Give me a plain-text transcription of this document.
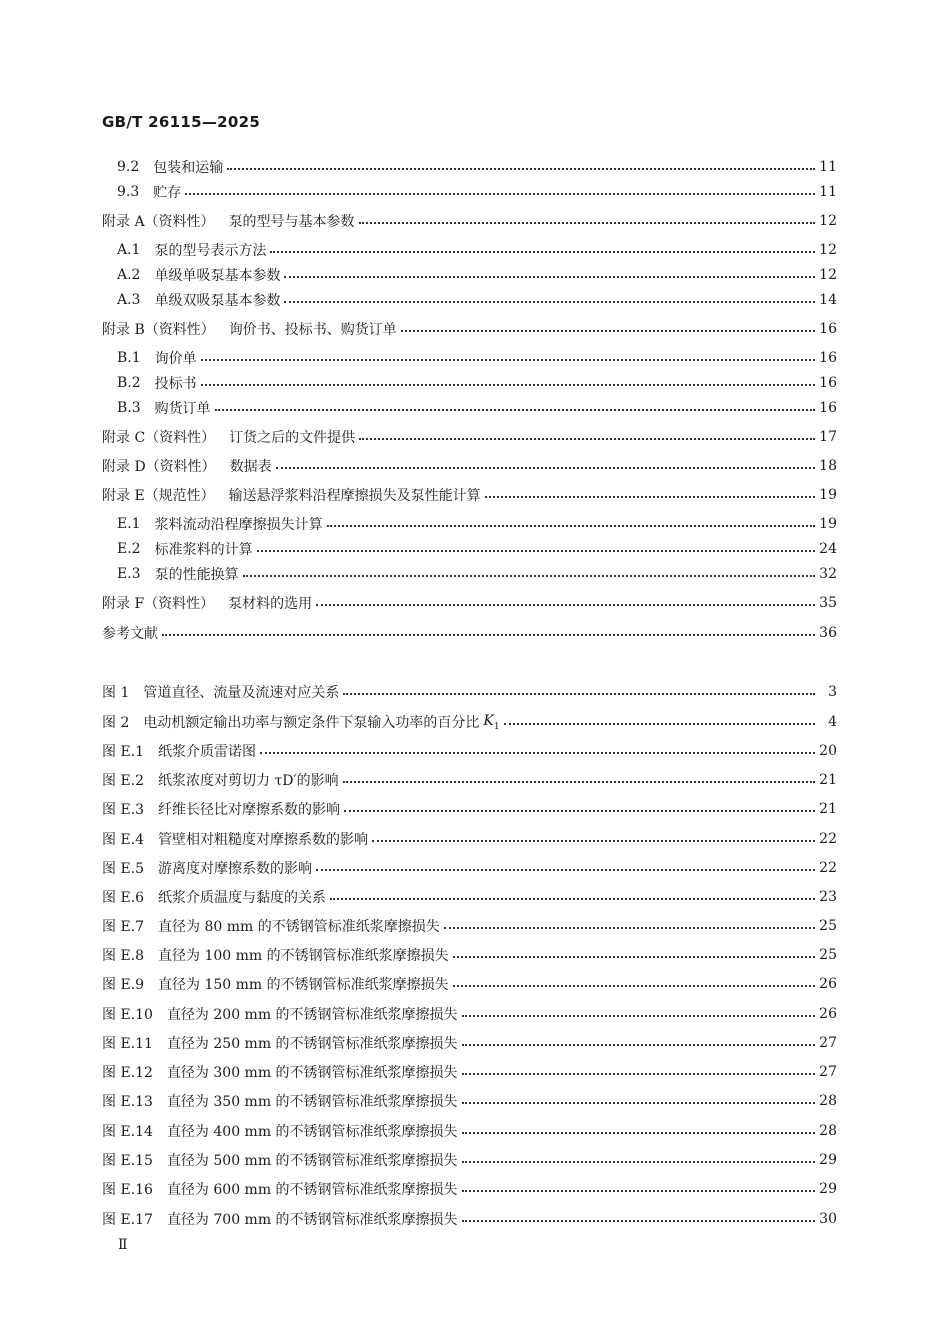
GB/T 26115—2025
9.2 包装和运输	11
9.3 贮存	11
附录 A（资料性） 泵的型号与基本参数	12
A.1 泵的型号表示方法	12
A.2 单级单吸泵基本参数	12
A.3 单级双吸泵基本参数	14
附录 B（资料性） 询价书、投标书、购货订单	16
B.1 询价单	16
B.2 投标书	16
B.3 购货订单	16
附录 C（资料性） 订货之后的文件提供	17
附录 D（资料性） 数据表	18
附录 E（规范性） 输送悬浮浆料沿程摩擦损失及泵性能计算	19
E.1 浆料流动沿程摩擦损失计算	19
E.2 标准浆料的计算	24
E.3 泵的性能换算	32
附录 F（资料性） 泵材料的选用	35
参考文献	36
图 1 管道直径、流量及流速对应关系	3
图 2 电动机额定输出功率与额定条件下泵输入功率的百分比 $K_1$	4
图 E.1 纸浆介质雷诺图	20
图 E.2 纸浆浓度对剪切力 τD′的影响	21
图 E.3 纤维长径比对摩擦系数的影响	21
图 E.4 管壁相对粗糙度对摩擦系数的影响	22
图 E.5 游离度对摩擦系数的影响	22
图 E.6 纸浆介质温度与黏度的关系	23
图 E.7 直径为 80 mm 的不锈钢管标准纸浆摩擦损失	25
图 E.8 直径为 100 mm 的不锈钢管标准纸浆摩擦损失	25
图 E.9 直径为 150 mm 的不锈钢管标准纸浆摩擦损失	26
图 E.10 直径为 200 mm 的不锈钢管标准纸浆摩擦损失	26
图 E.11 直径为 250 mm 的不锈钢管标准纸浆摩擦损失	27
图 E.12 直径为 300 mm 的不锈钢管标准纸浆摩擦损失	27
图 E.13 直径为 350 mm 的不锈钢管标准纸浆摩擦损失	28
图 E.14 直径为 400 mm 的不锈钢管标准纸浆摩擦损失	28
图 E.15 直径为 500 mm 的不锈钢管标准纸浆摩擦损失	29
图 E.16 直径为 600 mm 的不锈钢管标准纸浆摩擦损失	29
图 E.17 直径为 700 mm 的不锈钢管标准纸浆摩擦损失	30
Ⅱ
